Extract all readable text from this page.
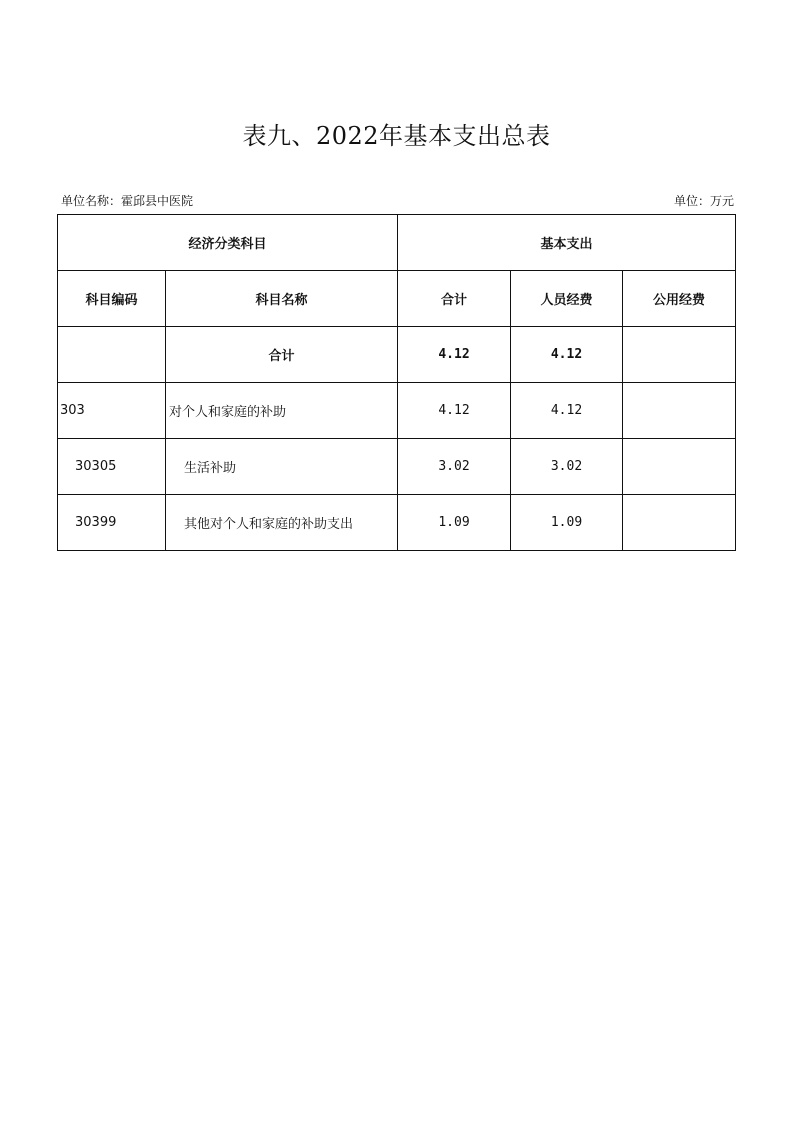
表九、2022年基本支出总表
单位名称：霍邱县中医院	单位：万元
经济分类科目		基本支出		
科目编码	科目名称	合计	人员经费	公用经费
	合计	4.12	4.12	
303	对个人和家庭的补助	4.12	4.12	
30305	生活补助	3.02	3.02	
30399	其他对个人和家庭的补助支出	1.09	1.09	
